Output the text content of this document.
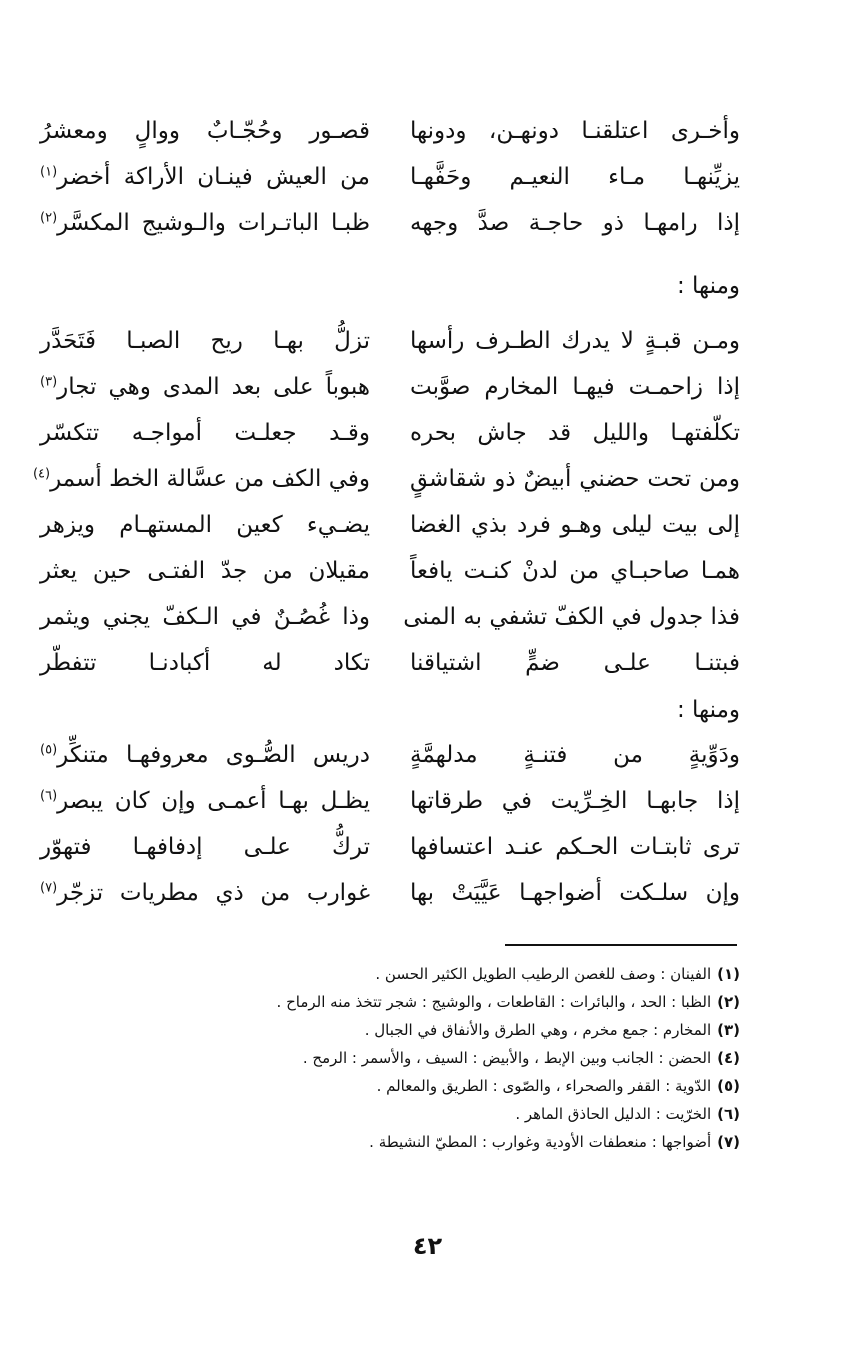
وأخـرى اعتلقنـا دونهـن، ودونها
قصـور وحُجّـابٌ ووالٍ ومعشرُ
يزيِّنهـا مـاء النعيـم وحَفَّهـا
من العيش فينـان الأراكة أخضر$^{(١)}$
إذا رامهـا ذو حاجـة صدَّ وجهه
ظبـا الباتـرات والـوشيج المكسَّر$^{(٢)}$
ومنها :
ومـن قبـةٍ لا يدرك الطـرف رأسها
تزلُّ بهـا ريح الصبـا فَتَحَدَّر
إذا زاحمـت فيهـا المخارم صوَّبت
هبوباً على بعد المدى وهي تجار$^{(٣)}$
تكلّفتهـا والليل قد جاش بحره
وقـد جعلـت أمواجـه تتكسّر
ومن تحت حضني أبيضٌ ذو شقاشقٍ
وفي الكف من عسَّالة الخط أسمر$^{(٤)}$
إلى بيت ليلى وهـو فرد بذي الغضا
يضـيء كعين المستهـام ويزهر
همـا صاحبـاي من لدنْ كنـت يافعاً
مقيلان من جدّ الفتـى حين يعثر
فذا جدول في الكفّ تشفي به المنى
وذا غُصُـنٌ في الـكفّ يجني ويثمر
فبتنـا علـى ضمٍّ اشتياقنا
تكاد له أكبادنـا تتفطّر
ومنها :
ودَوِّيةٍ من فتنـةٍ مدلهمَّةٍ
دريس الصُّـوى معروفهـا متنكِّر$^{(٥)}$
إذا جابهـا الخِـرِّيت في طرقاتها
يظـل بهـا أعمـى وإن كان يبصر$^{(٦)}$
ترى ثابتـات الحـكم عنـد اعتسافها
تركُّ علـى إدفافهـا فتهوّر
وإن سلـكت أضواجهـا عَيَّيَتْ بها
غوارب من ذي مطريات تزجّر$^{(٧)}$
(١)الفينان : وصف للغصن الرطيب الطويل الكثير الحسن .
(٢)الظبا : الحد ، والبائرات : القاطعات ، والوشيج : شجر تتخذ منه الرماح .
(٣)المخارم : جمع مخرم ، وهي الطرق والأنفاق في الجبال .
(٤)الحضن : الجانب وبين الإبط ، والأبيض : السيف ، والأسمر : الرمح .
(٥)الدّوية : القفر والصحراء ، والصّوى : الطريق والمعالم .
(٦)الخرّيت : الدليل الحاذق الماهر .
(٧)أضواجها : منعطفات الأودية وغوارب : المطيّ النشيطة .
٤٢
